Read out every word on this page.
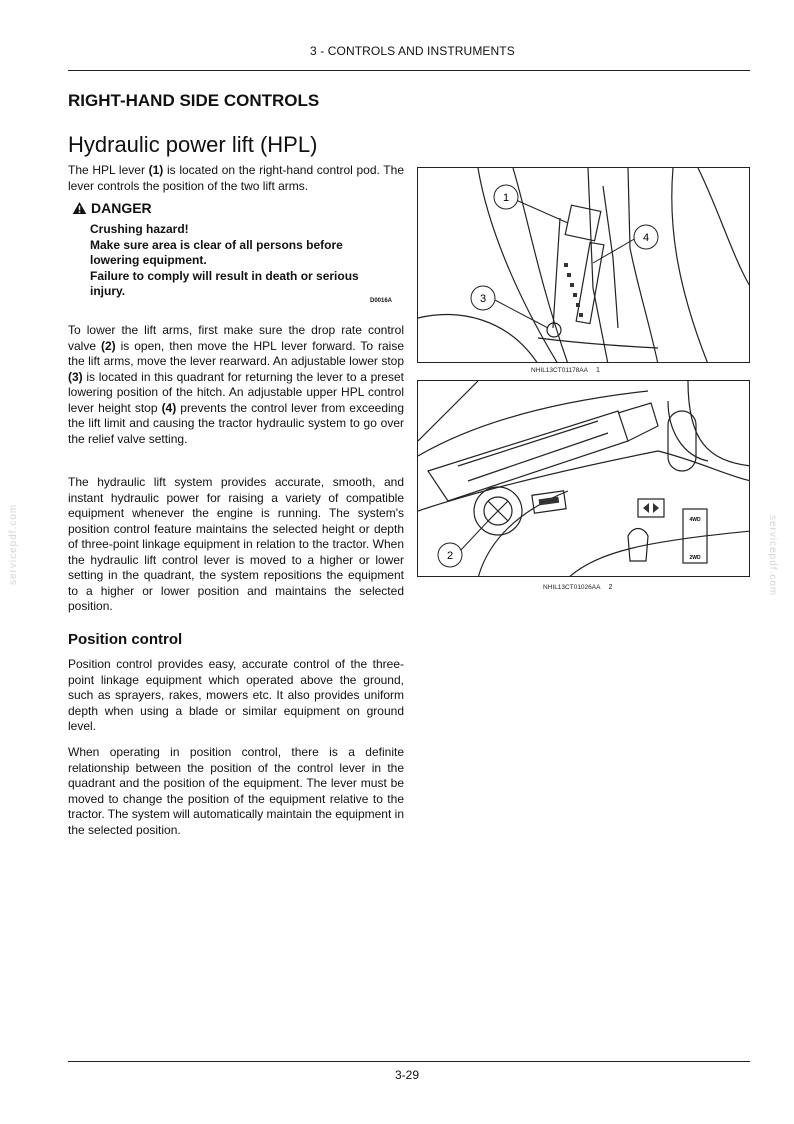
3 - CONTROLS AND INSTRUMENTS
servicepdf.com	servicepdf.com
RIGHT-HAND SIDE CONTROLS
Hydraulic power lift (HPL)

The HPL lever (1) is located on the right-hand control pod. The lever controls the position of the two lift arms.

DANGER
Crushing hazard!
Make sure area is clear of all persons before lowering equipment.
Failure to comply will result in death or serious injury.
D0016A

To lower the lift arms, first make sure the drop rate control valve (2) is open, then move the HPL lever forward. To raise the lift arms, move the lever rearward. An adjustable lower stop (3) is located in this quadrant for returning the lever to a preset lowering position of the hitch. An adjustable upper HPL control lever height stop (4) prevents the control lever from exceeding the lift limit and causing the tractor hydraulic system to go over the relief valve setting.

The hydraulic lift system provides accurate, smooth, and instant hydraulic power for raising a variety of compatible equipment whenever the engine is running. The system's position control feature maintains the selected height or depth of three-point linkage equipment in relation to the tractor. When the hydraulic lift control lever is moved to a higher or lower setting in the quadrant, the system repositions the equipment to a higher or lower position and maintains the selected position.

Position control

Position control provides easy, accurate control of the three-point linkage equipment which operated above the ground, such as sprayers, rakes, mowers etc. It also provides uniform depth when using a blade or similar equipment on ground level.

When operating in position control, there is a definite relationship between the position of the control lever in the quadrant and the position of the equipment. The lever must be moved to change the position of the equipment relative to the tractor. The system will automatically maintain the equipment in the selected position.

1
4
3
NHIL13CT01178AA 1
4WD
2WD
2
NHIL13CT01026AA 2
3-29
